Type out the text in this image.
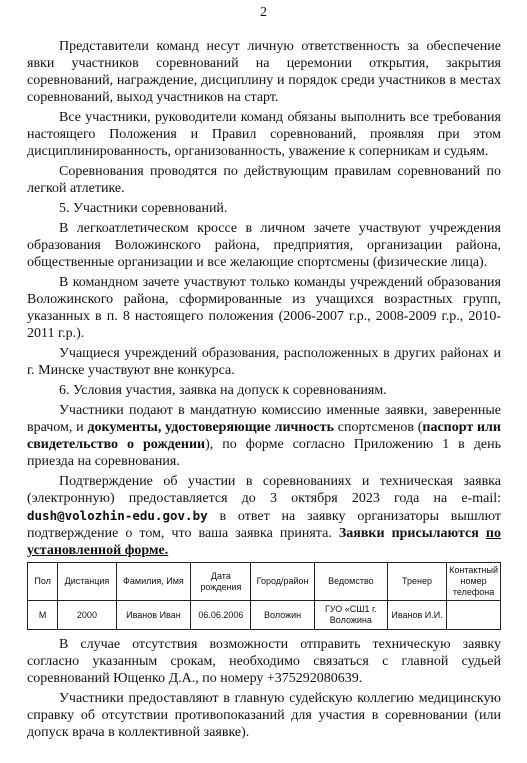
2

Представители команд несут личную ответственность за обеспечение явки участников соревнований на церемонии открытия, закрытия соревнований, награждение, дисциплину и порядок среди участников в местах соревнований, выход участников на старт.

Все участники, руководители команд обязаны выполнить все требования настоящего Положения и Правил соревнований, проявляя при этом дисциплинированность, организованность, уважение к соперникам и судьям.

Соревнования проводятся по действующим правилам соревнований по легкой атлетике.

5. Участники соревнований.

В легкоатлетическом кроссе в личном зачете участвуют учреждения образования Воложинского района, предприятия, организации района, общественные организации и все желающие спортсмены (физические лица).

В командном зачете участвуют только команды учреждений образования Воложинского района, сформированные из учащихся возрастных групп, указанных в п. 8 настоящего положения (2006-2007 г.р., 2008-2009 г.р., 2010-2011 г.р.).

Учащиеся учреждений образования, расположенных в других районах и г. Минске участвуют вне конкурса.

6. Условия участия, заявка на допуск к соревнованиям.

Участники подают в мандатную комиссию именные заявки, заверенные врачом, и документы, удостоверяющие личность спортсменов (паспорт или свидетельство о рождении), по форме согласно Приложению 1 в день приезда на соревнования.

Подтверждение об участии в соревнованиях и техническая заявка (электронную) предоставляется до 3 октября 2023 года на e-mail: dush@volozhin-edu.gov.by в ответ на заявку организаторы вышлют подтверждение о том, что ваша заявка принята. Заявки присылаются по установленной форме.

Пол	Дистанция	Фамилия, Имя	Дата рождения	Город/район	Ведомство	Тренер	Контактный номер телефона
М	2000	Иванов Иван	06.06.2006	Воложин	ГУО «СШ1 г. Воложина	Иванов И.И.	

В случае отсутствия возможности отправить техническую заявку согласно указанным срокам, необходимо связаться с главной судьей соревнований Ющенко Д.А., по номеру +375292080639.

Участники предоставляют в главную судейскую коллегию медицинскую справку об отсутствии противопоказаний для участия в соревновании (или допуск врача в коллективной заявке).
